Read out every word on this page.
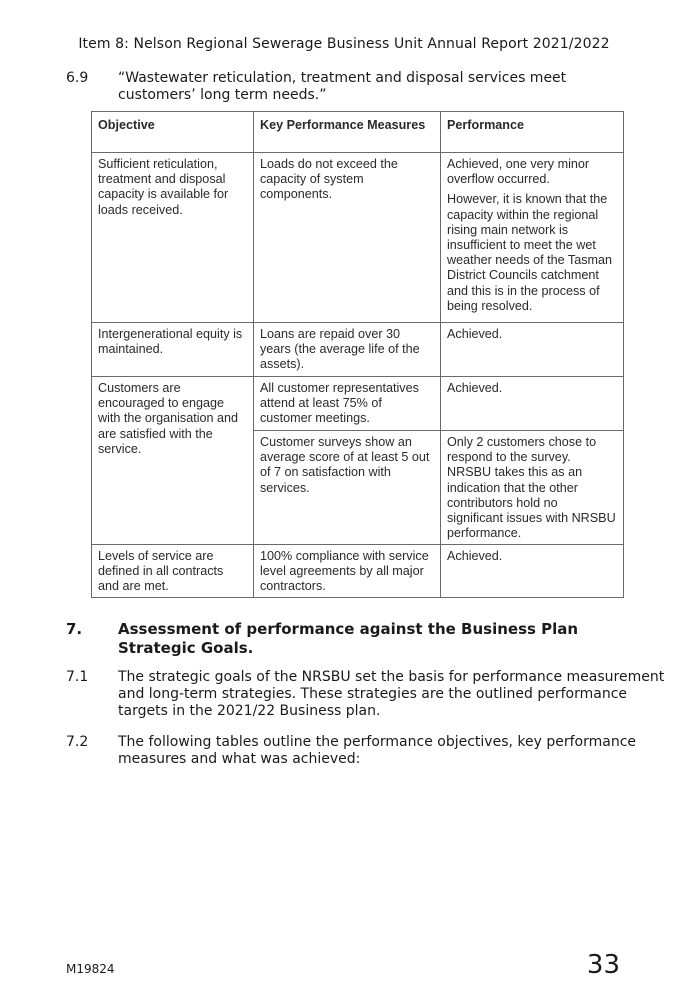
Item 8: Nelson Regional Sewerage Business Unit Annual Report 2021/2022
6.9 “Wastewater reticulation, treatment and disposal services meet customers’ long term needs.”
Objective	Key Performance Measures	Performance
Sufficient reticulation, treatment and disposal capacity is available for loads received.	Loads do not exceed the capacity of system components.	Achieved, one very minor overflow occurred.
However, it is known that the capacity within the regional rising main network is insufficient to meet the wet weather needs of the Tasman District Councils catchment and this is in the process of being resolved.

Intergenerational equity is maintained.	Loans are repaid over 30 years (the average life of the assets).	Achieved.
Customers are encouraged to engage with the organisation and are satisfied with the service.	All customer representatives attend at least 75% of customer meetings.	Achieved.
	Customer surveys show an average score of at least 5 out of 7 on satisfaction with services.	Only 2 customers chose to respond to the survey. NRSBU takes this as an indication that the other contributors hold no significant issues with NRSBU performance.
Levels of service are defined in all contracts and are met.	100% compliance with service level agreements by all major contractors.	Achieved.
7. Assessment of performance against the Business Plan Strategic Goals.
7.1 The strategic goals of the NRSBU set the basis for performance measurement and long-term strategies. These strategies are the outlined performance targets in the 2021/22 Business plan.
7.2 The following tables outline the performance objectives, key performance measures and what was achieved:
M19824	33
